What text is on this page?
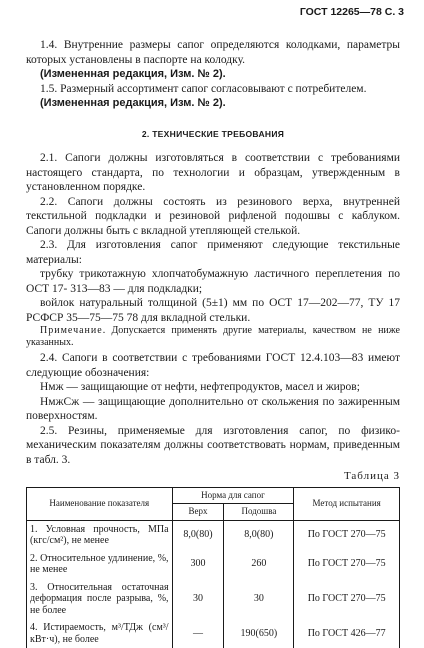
ГОСТ 12265—78 С. 3

1.4. Внутренние размеры сапог определяются колодками, параметры которых установлены в паспорте на колодку.

(Измененная редакция, Изм. № 2).

1.5. Размерный ассортимент сапог согласовывают с потребителем.

(Измененная редакция, Изм. № 2).

2. ТЕХНИЧЕСКИЕ ТРЕБОВАНИЯ

2.1. Сапоги должны изготовляться в соответствии с требованиями настоящего стандарта, по технологии и образцам, утвержденным в установленном порядке.

2.2. Сапоги должны состоять из резинового верха, внутренней текстильной подкладки и резиновой рифленой подошвы с каблуком. Сапоги должны быть с вкладной утепляющей стелькой.

2.3. Для изготовления сапог применяют следующие текстильные материалы:

трубку трикотажную хлопчатобумажную ластичного переплетения по ОСТ 17- 313—83 — для подкладки;

войлок натуральный толщиной (5±1) мм по ОСТ 17—202—77, ТУ 17 РСФСР 35—75—75 78 для вкладной стельки.

Примечание. Допускается применять другие материалы, качеством не ниже указанных.

2.4. Сапоги в соответствии с требованиями ГОСТ 12.4.103—83 имеют следующие обозначения:

Нмж — защищающие от нефти, нефтепродуктов, масел и жиров;

НмжСж — защищающие дополнительно от скольжения по зажиренным поверхностям.

2.5. Резины, применяемые для изготовления сапог, по физико-механическим показателям должны соответствовать нормам, приведенным в табл. 3.

Таблица 3

Наименование показателя	Норма для сапог		Метод испытания
	Верх	Подошва	
1. Условная прочность, МПа (кгс/см²), не менее	8,0(80)	8,0(80)	По ГОСТ 270—75
2. Относительное удлинение, %, не менее	300	260	По ГОСТ 270—75
3. Относительная остаточная деформация после разрыва, %, не более	30	30	По ГОСТ 270—75
4. Истираемость, м³/ТДж (см³/кВт·ч), не более	—	190(650)	По ГОСТ 426—77
